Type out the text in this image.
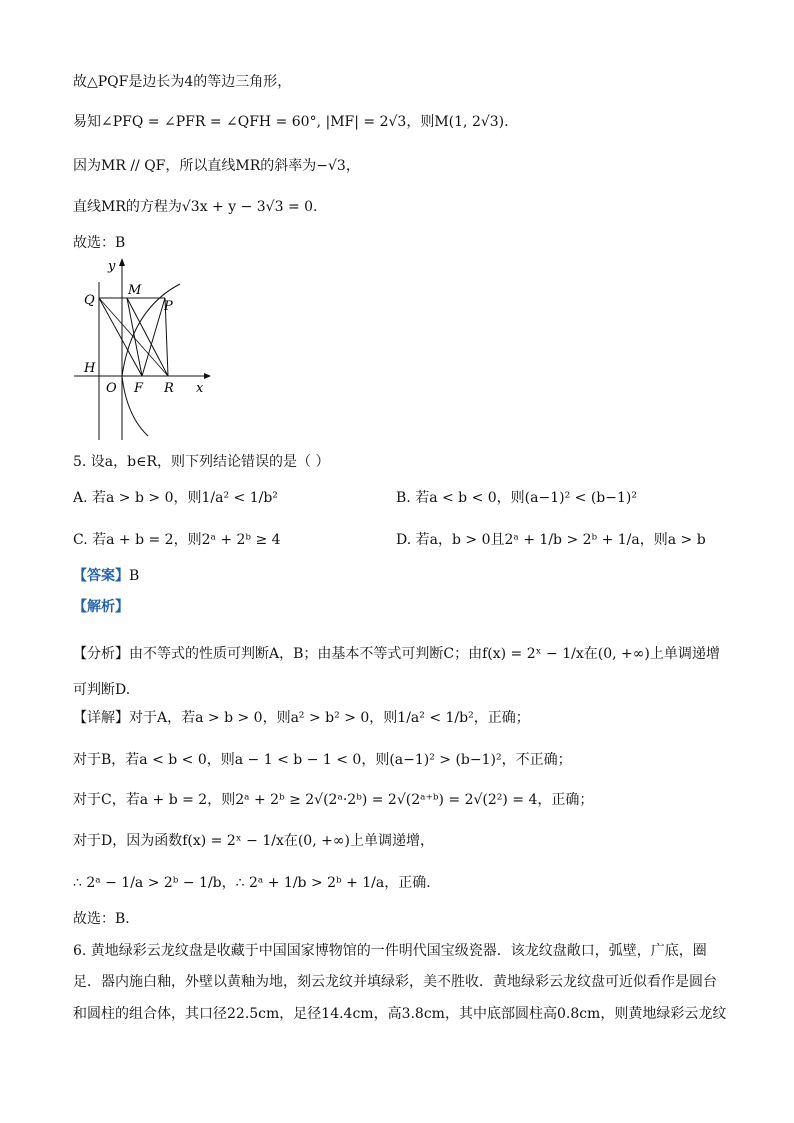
故△PQF是边长为4的等边三角形，
易知∠PFQ = ∠PFR = ∠QFH = 60°, |MF| = 2√3，则M(1, 2√3).
因为MR // QF，所以直线MR的斜率为−√3，
直线MR的方程为√3x + y − 3√3 = 0.
故选：B
y
M
Q	P
H
O F R x
5. 设a，b∈R，则下列结论错误的是（ ）
A. 若a > b > 0，则1/a² < 1/b²	B. 若a < b < 0，则(a−1)² < (b−1)²
C. 若a + b = 2，则2ᵃ + 2ᵇ ≥ 4	D. 若a，b > 0且2ᵃ + 1/b > 2ᵇ + 1/a，则a > b
【答案】B
【解析】
【分析】由不等式的性质可判断A，B；由基本不等式可判断C；由f(x) = 2ˣ − 1/x在(0, +∞)上单调递增可判断D.
【详解】对于A，若a > b > 0，则a² > b² > 0，则1/a² < 1/b²，正确；
对于B，若a < b < 0，则a − 1 < b − 1 < 0，则(a−1)² > (b−1)²，不正确；
对于C，若a + b = 2，则2ᵃ + 2ᵇ ≥ 2√(2ᵃ·2ᵇ) = 2√(2ᵃ⁺ᵇ) = 2√(2²) = 4，正确；
对于D，因为函数f(x) = 2ˣ − 1/x在(0, +∞)上单调递增，
∴ 2ᵃ − 1/a > 2ᵇ − 1/b，∴ 2ᵃ + 1/b > 2ᵇ + 1/a，正确.
故选：B.
6. 黄地绿彩云龙纹盘是收藏于中国国家博物馆的一件明代国宝级瓷器．该龙纹盘敞口，弧壁，广底，圈
足．器内施白釉，外壁以黄釉为地，刻云龙纹并填绿彩，美不胜收．黄地绿彩云龙纹盘可近似看作是圆台
和圆柱的组合体，其口径22.5cm，足径14.4cm，高3.8cm，其中底部圆柱高0.8cm，则黄地绿彩云龙纹
